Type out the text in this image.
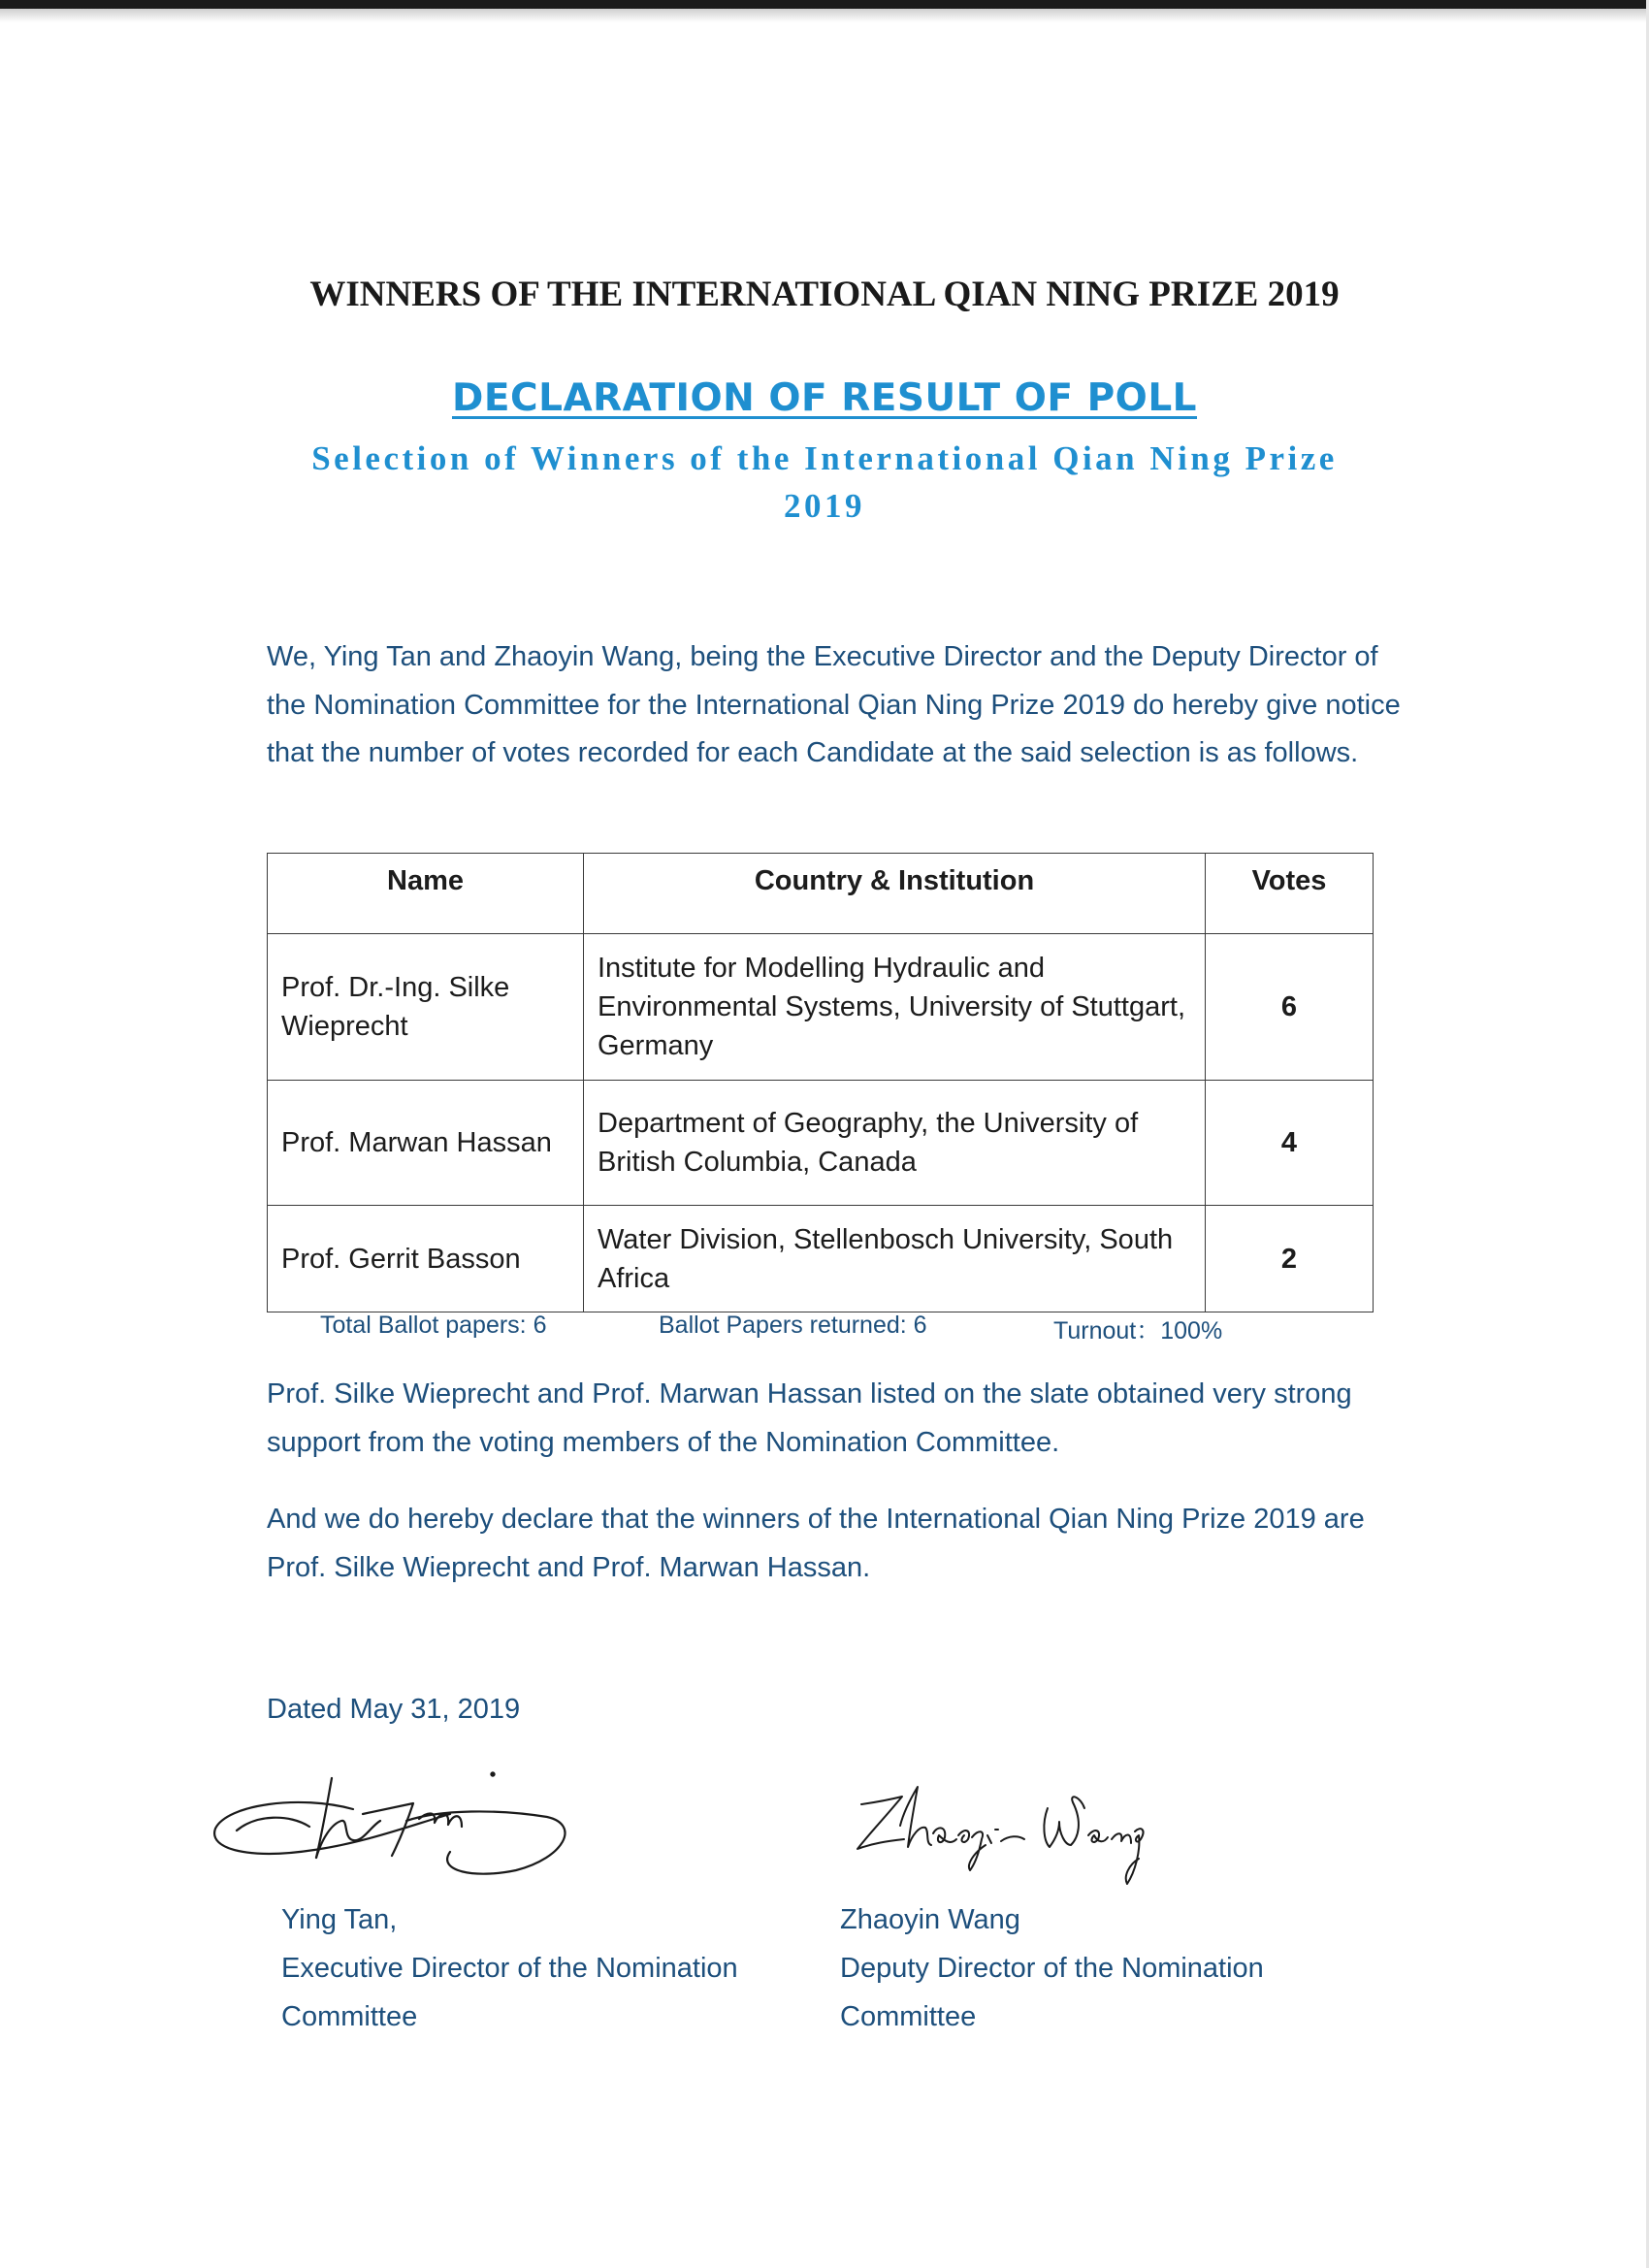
WINNERS OF THE INTERNATIONAL QIAN NING PRIZE 2019
DECLARATION OF RESULT OF POLL
Selection of Winners of the International Qian Ning Prize 2019
We, Ying Tan and Zhaoyin Wang, being the Executive Director and the Deputy Director of the Nomination Committee for the International Qian Ning Prize 2019 do hereby give notice that the number of votes recorded for each Candidate at the said selection is as follows.
Name	Country & Institution	Votes
Prof. Dr.-Ing. Silke Wieprecht	Institute for Modelling Hydraulic and Environmental Systems, University of Stuttgart, Germany	6
Prof. Marwan Hassan	Department of Geography, the University of British Columbia, Canada	4
Prof. Gerrit Basson	Water Division, Stellenbosch University, South Africa	2
Total Ballot papers: 6	Ballot Papers returned: 6	Turnout：100%
Prof. Silke Wieprecht and Prof. Marwan Hassan listed on the slate obtained very strong support from the voting members of the Nomination Committee.
And we do hereby declare that the winners of the International Qian Ning Prize 2019 are Prof. Silke Wieprecht and Prof. Marwan Hassan.
Dated May 31, 2019
Ying Tan,
Executive Director of the Nomination Committee
Zhaoyin Wang
Deputy Director of the Nomination Committee
